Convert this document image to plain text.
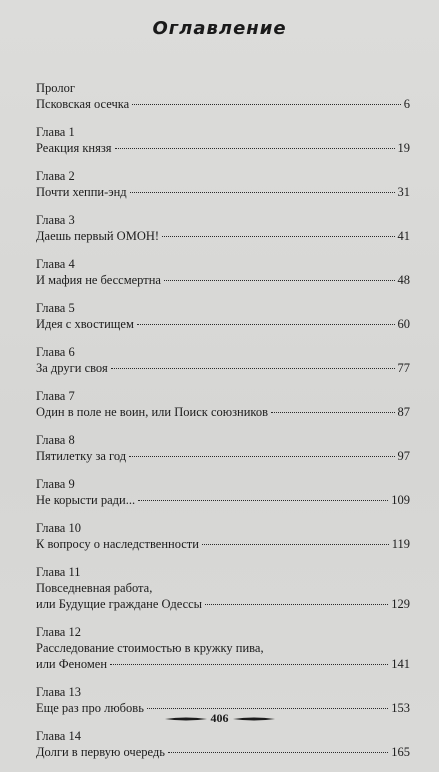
Оглавление
Пролог
Псковская осечка	6
Глава 1
Реакция князя	19
Глава 2
Почти хеппи-энд	31
Глава 3
Даешь первый ОМОН!	41
Глава 4
И мафия не бессмертна	48
Глава 5
Идея с хвостищем	60
Глава 6
За други своя	77
Глава 7
Один в поле не воин, или Поиск союзников	87
Глава 8
Пятилетку за год	97
Глава 9
Не корысти ради...	109
Глава 10
К вопросу о наследственности	119
Глава 11
Повседневная работа,
или Будущие граждане Одессы	129
Глава 12
Расследование стоимостью в кружку пива,
или Феномен	141
Глава 13
Еще раз про любовь	153
Глава 14
Долги в первую очередь	165
406
